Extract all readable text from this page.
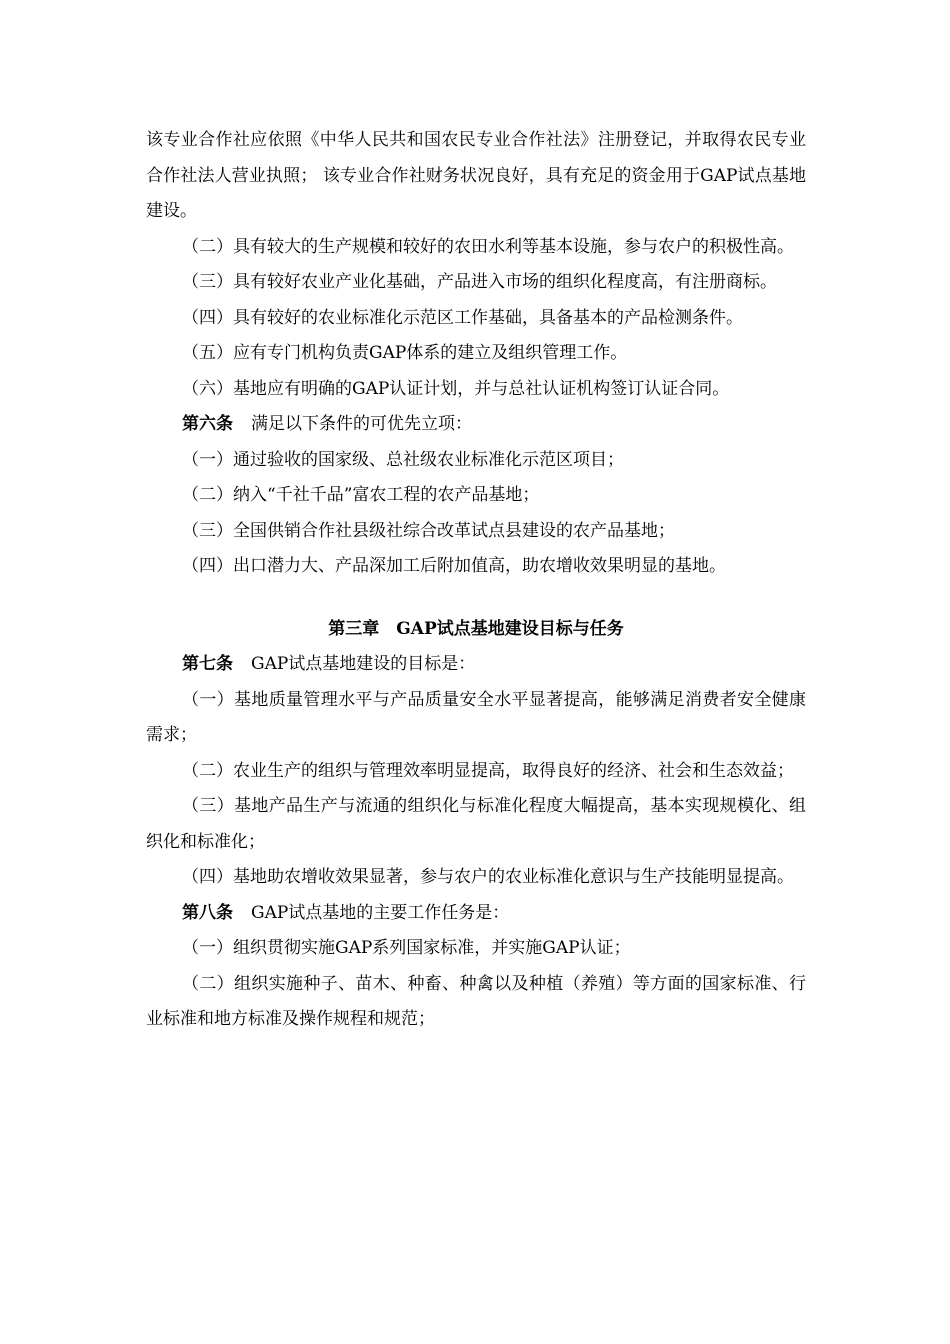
该专业合作社应依照《中华人民共和国农民专业合作社法》注册登记，并取得农民专业合作社法人营业执照； 该专业合作社财务状况良好，具有充足的资金用于GAP试点基地建设。

（二）具有较大的生产规模和较好的农田水利等基本设施，参与农户的积极性高。

（三）具有较好农业产业化基础，产品进入市场的组织化程度高，有注册商标。

（四）具有较好的农业标准化示范区工作基础，具备基本的产品检测条件。

（五）应有专门机构负责GAP体系的建立及组织管理工作。

（六）基地应有明确的GAP认证计划，并与总社认证机构签订认证合同。

第六条 满足以下条件的可优先立项：

（一）通过验收的国家级、总社级农业标准化示范区项目；

（二）纳入“千社千品”富农工程的农产品基地；

（三）全国供销合作社县级社综合改革试点县建设的农产品基地；

（四）出口潜力大、产品深加工后附加值高，助农增收效果明显的基地。

第三章　GAP试点基地建设目标与任务

第七条 GAP试点基地建设的目标是：

（一）基地质量管理水平与产品质量安全水平显著提高，能够满足消费者安全健康需求；

（二）农业生产的组织与管理效率明显提高，取得良好的经济、社会和生态效益；

（三）基地产品生产与流通的组织化与标准化程度大幅提高，基本实现规模化、组织化和标准化；

（四）基地助农增收效果显著，参与农户的农业标准化意识与生产技能明显提高。

第八条 GAP试点基地的主要工作任务是：

（一）组织贯彻实施GAP系列国家标准，并实施GAP认证；

（二）组织实施种子、苗木、种畜、种禽以及种植（养殖）等方面的国家标准、行业标准和地方标准及操作规程和规范；
